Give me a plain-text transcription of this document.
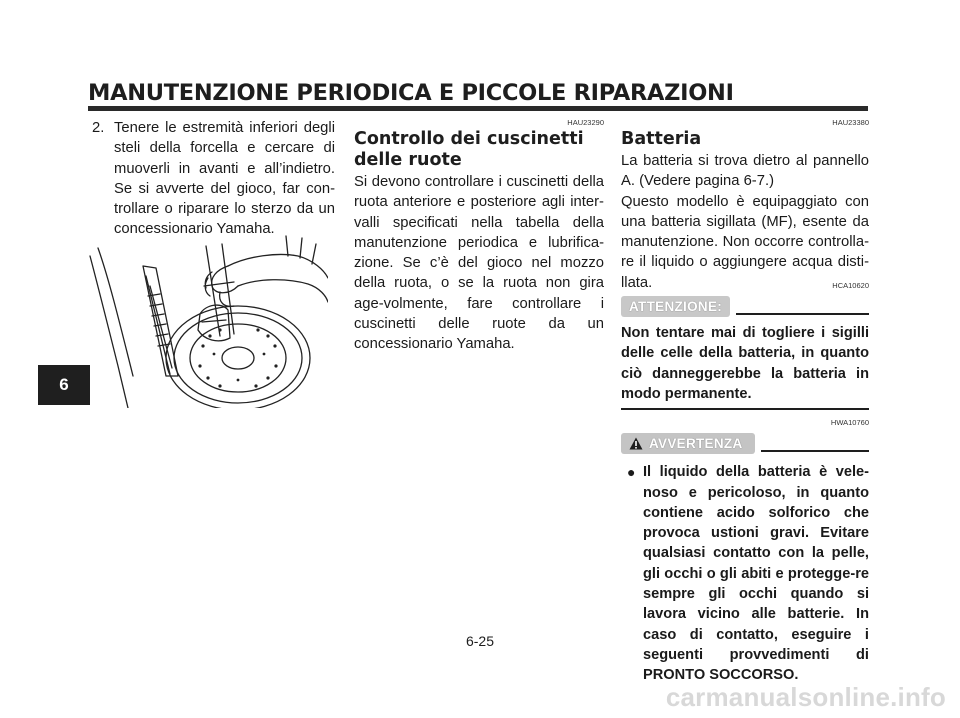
MANUTENZIONE PERIODICA E PICCOLE RIPARAZIONI
6
2. Tenere le estremità inferiori degli steli della forcella e cercare di muoverli in avanti e all’indietro. Se si avverte del gioco, far con-trollare o riparare lo sterzo da un concessionario Yamaha.
HAU23290
Controllo dei cuscinetti delle ruote
Si devono controllare i cuscinetti della ruota anteriore e posteriore agli inter-valli specificati nella tabella della manutenzione periodica e lubrifica-zione. Se c’è del gioco nel mozzo della ruota, o se la ruota non gira age-volmente, fare controllare i cuscinetti delle ruote da un concessionario Yamaha.
HAU23380
Batteria
La batteria si trova dietro al pannello A. (Vedere pagina 6-7.)
Questo modello è equipaggiato con una batteria sigillata (MF), esente da manutenzione. Non occorre controlla-re il liquido o aggiungere acqua disti-llata.	HCA10620
ATTENZIONE:
Non tentare mai di togliere i sigilli delle celle della batteria, in quanto ciò danneggerebbe la batteria in modo permanente.
HWA10760
AVVERTENZA
● Il liquido della batteria è vele-noso e pericoloso, in quanto contiene acido solforico che provoca ustioni gravi. Evitare qualsiasi contatto con la pelle, gli occhi o gli abiti e protegge-re sempre gli occhi quando si lavora vicino alle batterie. In caso di contatto, eseguire i seguenti provvedimenti di PRONTO SOCCORSO.
6-25
carmanualsonline.info
